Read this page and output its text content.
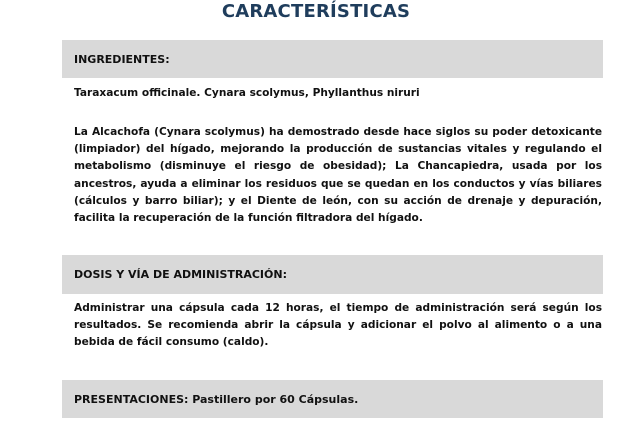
CARACTERÍSTICAS
INGREDIENTES:

Taraxacum officinale. Cynara scolymus, Phyllanthus niruri

La Alcachofa (Cynara scolymus) ha demostrado desde hace siglos su poder detoxicante (limpiador) del hígado, mejorando la producción de sustancias vitales y regulando el metabolismo (disminuye el riesgo de obesidad); La Chancapiedra, usada por los ancestros, ayuda a eliminar los residuos que se quedan en los conductos y vías biliares (cálculos y barro biliar); y el Diente de león, con su acción de drenaje y depuración, facilita la recuperación de la función filtradora del hígado.

DOSIS Y VÍA DE ADMINISTRACIÓN:

Administrar una cápsula cada 12 horas, el tiempo de administración será según los resultados. Se recomienda abrir la cápsula y adicionar el polvo al alimento o a una bebida de fácil consumo (caldo).

PRESENTACIONES: Pastillero por 60 Cápsulas.
